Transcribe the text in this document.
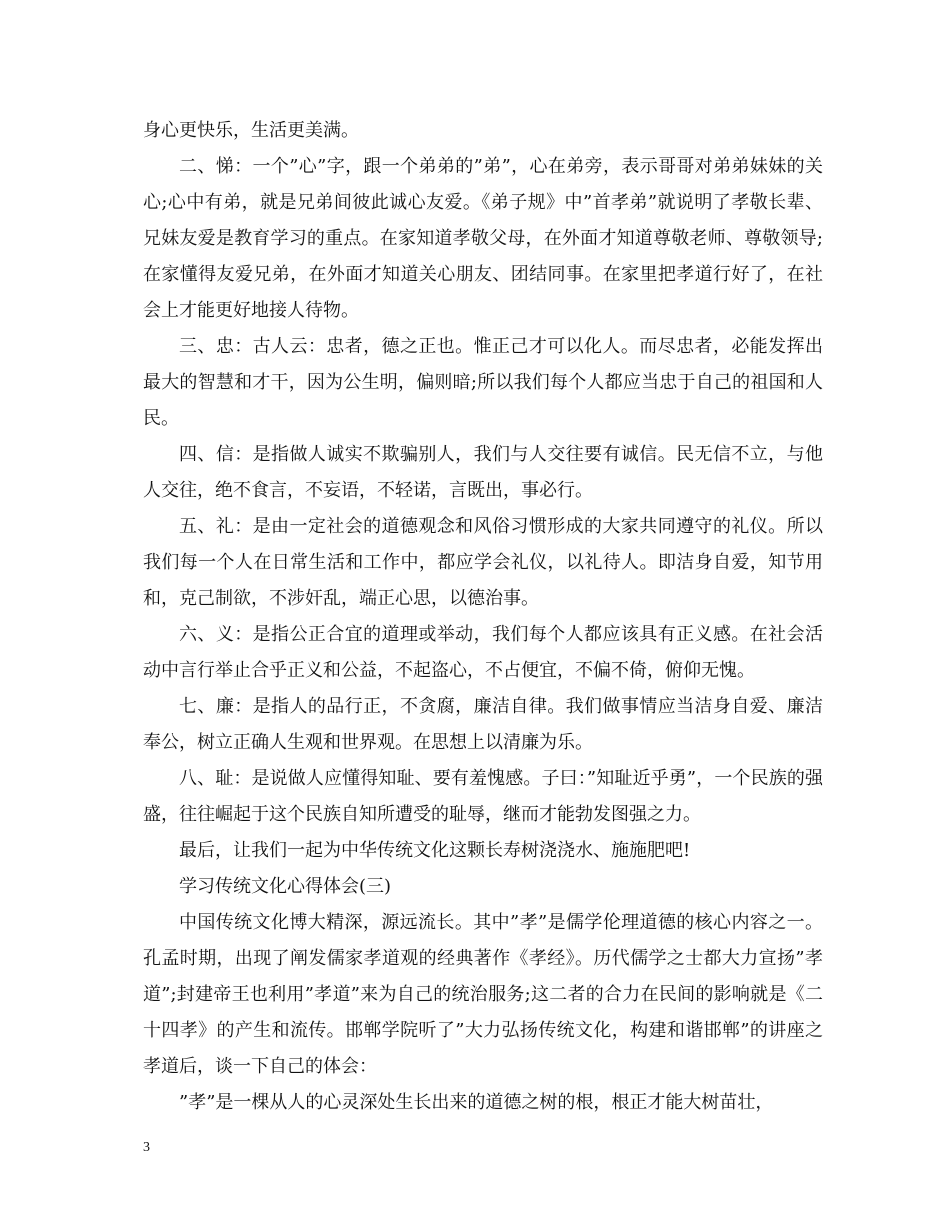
身心更快乐，生活更美满。

二、悌：一个”心”字，跟一个弟弟的”弟”，心在弟旁，表示哥哥对弟弟妹妹的关心;心中有弟，就是兄弟间彼此诚心友爱。《弟子规》中”首孝弟”就说明了孝敬长辈、兄妹友爱是教育学习的重点。在家知道孝敬父母，在外面才知道尊敬老师、尊敬领导;在家懂得友爱兄弟，在外面才知道关心朋友、团结同事。在家里把孝道行好了，在社会上才能更好地接人待物。

三、忠：古人云：忠者，德之正也。惟正己才可以化人。而尽忠者，必能发挥出最大的智慧和才干，因为公生明，偏则暗;所以我们每个人都应当忠于自己的祖国和人民。

四、信：是指做人诚实不欺骗别人，我们与人交往要有诚信。民无信不立，与他人交往，绝不食言，不妄语，不轻诺，言既出，事必行。

五、礼：是由一定社会的道德观念和风俗习惯形成的大家共同遵守的礼仪。所以我们每一个人在日常生活和工作中，都应学会礼仪，以礼待人。即洁身自爱，知节用和，克己制欲，不涉奸乱，端正心思，以德治事。

六、义：是指公正合宜的道理或举动，我们每个人都应该具有正义感。在社会活动中言行举止合乎正义和公益，不起盗心，不占便宜，不偏不倚，俯仰无愧。

七、廉：是指人的品行正，不贪腐，廉洁自律。我们做事情应当洁身自爱、廉洁奉公，树立正确人生观和世界观。在思想上以清廉为乐。

八、耻：是说做人应懂得知耻、要有羞愧感。子曰：”知耻近乎勇”，一个民族的强盛，往往崛起于这个民族自知所遭受的耻辱，继而才能勃发图强之力。

最后，让我们一起为中华传统文化这颗长寿树浇浇水、施施肥吧!

学习传统文化心得体会(三)

中国传统文化博大精深，源远流长。其中”孝”是儒学伦理道德的核心内容之一。孔孟时期，出现了阐发儒家孝道观的经典著作《孝经》。历代儒学之士都大力宣扬”孝道”;封建帝王也利用”孝道”来为自己的统治服务;这二者的合力在民间的影响就是《二十四孝》的产生和流传。邯郸学院听了”大力弘扬传统文化，构建和谐邯郸”的讲座之孝道后，谈一下自己的体会：

”孝”是一棵从人的心灵深处生长出来的道德之树的根，根正才能大树苗壮，

3
